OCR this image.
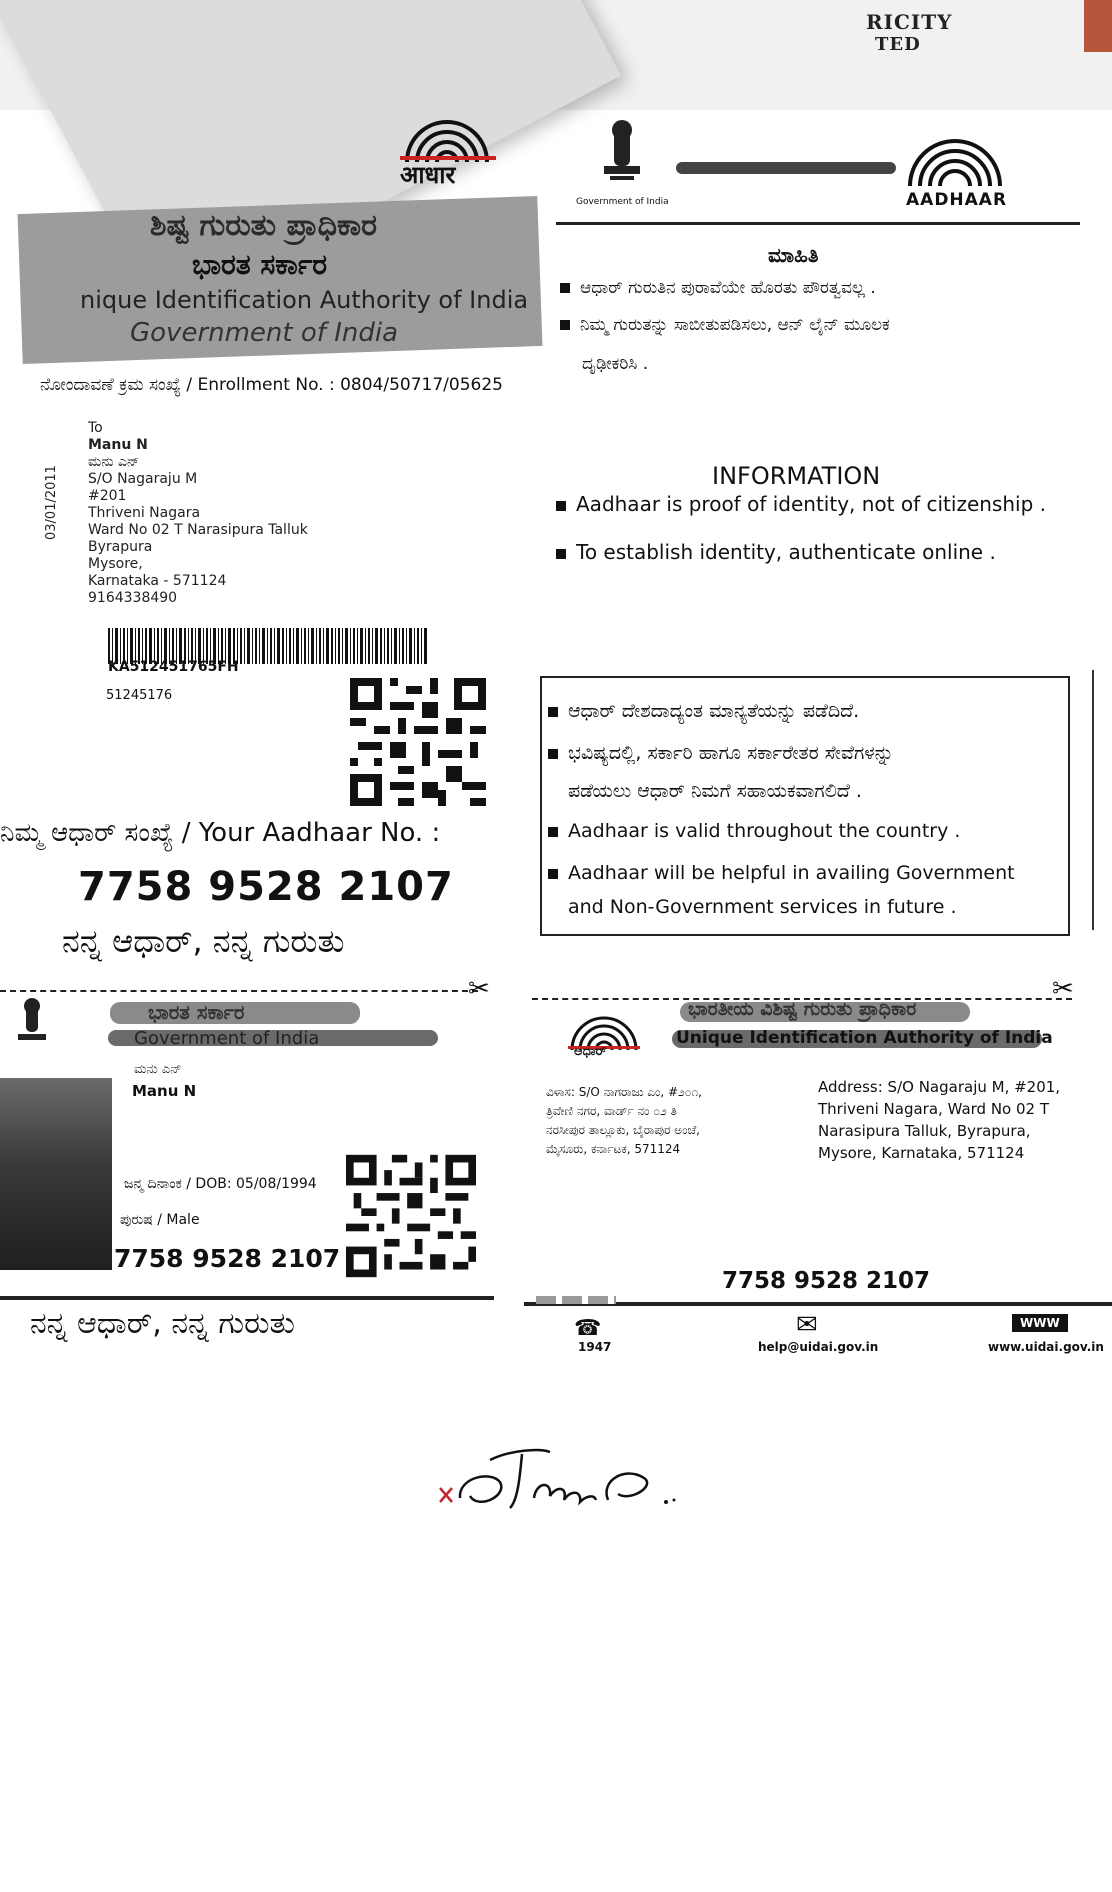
RICITY
TED
आधार
ಶಿಷ್ಟ ಗುರುತು ಪ್ರಾಧಿಕಾರ
ಭಾರತ ಸರ್ಕಾರ
nique Identification Authority of India
Government of India
ನೋಂದಾವಣೆ ಕ್ರಮ ಸಂಖ್ಯೆ / Enrollment No. : 0804/50717/05625
03/01/2011
To
Manu N
ಮನು ಎನ್
S/O Nagaraju M
#201
Thriveni Nagara
Ward No 02 T Narasipura Talluk
Byrapura
Mysore,
Karnataka - 571124
9164338490
KA512451765FH
51245176
ನಿಮ್ಮ ಆಧಾರ್ ಸಂಖ್ಯೆ / Your Aadhaar No. :
7758 9528 2107
ನನ್ನ ಆಧಾರ್, ನನ್ನ ಗುರುತು
Government of India	AADHAAR
ಮಾಹಿತಿ
ಆಧಾರ್ ಗುರುತಿನ ಪುರಾವೆಯೇ ಹೊರತು ಪೌರತ್ವವಲ್ಲ .
ನಿಮ್ಮ ಗುರುತನ್ನು ಸಾಬೀತುಪಡಿಸಲು, ಆನ್ ಲೈನ್ ಮೂಲಕ
ದೃಢೀಕರಿಸಿ .
INFORMATION
Aadhaar is proof of identity, not of citizenship .
To establish identity, authenticate online .
ಆಧಾರ್ ದೇಶದಾದ್ಯಂತ ಮಾನ್ಯತೆಯನ್ನು ಪಡೆದಿದೆ.
ಭವಿಷ್ಯದಲ್ಲಿ, ಸರ್ಕಾರಿ ಹಾಗೂ ಸರ್ಕಾರೇತರ ಸೇವೆಗಳನ್ನು
ಪಡೆಯಲು ಆಧಾರ್ ನಿಮಗೆ ಸಹಾಯಕವಾಗಲಿದೆ .
Aadhaar is valid throughout the country .
Aadhaar will be helpful in availing Government
and Non-Government services in future .
✂	✂
ಭಾರತ ಸರ್ಕಾರ
Government of India
ಮನು ಎನ್
Manu N
ಜನ್ಮ ದಿನಾಂಕ / DOB: 05/08/1994
ಪುರುಷ / Male
7758 9528 2107
ನನ್ನ ಆಧಾರ್, ನನ್ನ ಗುರುತು
ಆಧಾರ್
ಭಾರತೀಯ ವಿಶಿಷ್ಟ ಗುರುತು ಪ್ರಾಧಿಕಾರ
Unique Identification Authority of India
ವಿಳಾಸ: S/O ನಾಗರಾಜು ಎಂ, #೨೦೧,
ತ್ರಿವೇಣಿ ನಗರ, ವಾರ್ಡ್ ನಂ ೦೨ ತಿ
ನರಸೀಪುರ ತಾಲ್ಲೂಕು, ಬೈರಾಪುರ ಅಂಚೆ,
ಮೈಸೂರು, ಕರ್ನಾಟಕ, 571124
Address: S/O Nagaraju M, #201,
Thriveni Nagara, Ward No 02 T
Narasipura Talluk, Byrapura,
Mysore, Karnataka, 571124
7758 9528 2107
☎
1947
✉
help@uidai.gov.in
WWW
www.uidai.gov.in
